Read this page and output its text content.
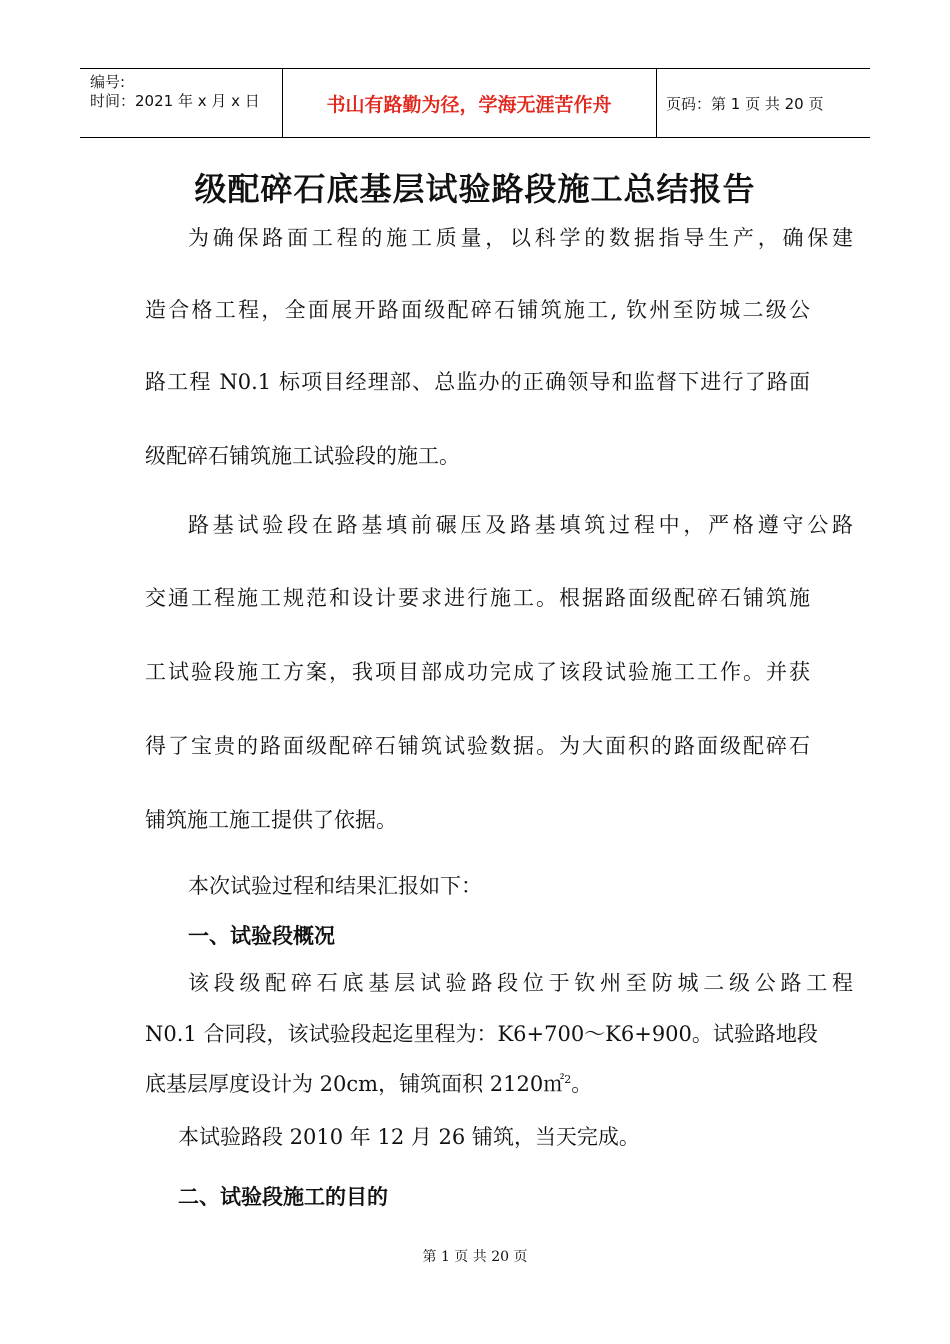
编号:
时间：2021 年 x 月 x 日	书山有路勤为径，学海无涯苦作舟	页码：第 1 页 共 20 页
级配碎石底基层试验路段施工总结报告
为确保路面工程的施工质量，以科学的数据指导生产，确保建
造合格工程，全面展开路面级配碎石铺筑施工, 钦州至防城二级公
路工程 N0.1 标项目经理部、总监办的正确领导和监督下进行了路面
级配碎石铺筑施工试验段的施工。
路基试验段在路基填前碾压及路基填筑过程中，严格遵守公路
交通工程施工规范和设计要求进行施工。根据路面级配碎石铺筑施
工试验段施工方案，我项目部成功完成了该段试验施工工作。并获
得了宝贵的路面级配碎石铺筑试验数据。为大面积的路面级配碎石
铺筑施工施工提供了依据。
本次试验过程和结果汇报如下：
一、试验段概况
该段级配碎石底基层试验路段位于钦州至防城二级公路工程
N0.1 合同段，该试验段起迄里程为：K6+700～K6+900。试验路地段
底基层厚度设计为 20cm，铺筑面积 2120㎡$^2$。
本试验路段 2010 年 12 月 26 铺筑，当天完成。
二、试验段施工的目的
第 1 页 共 20 页
